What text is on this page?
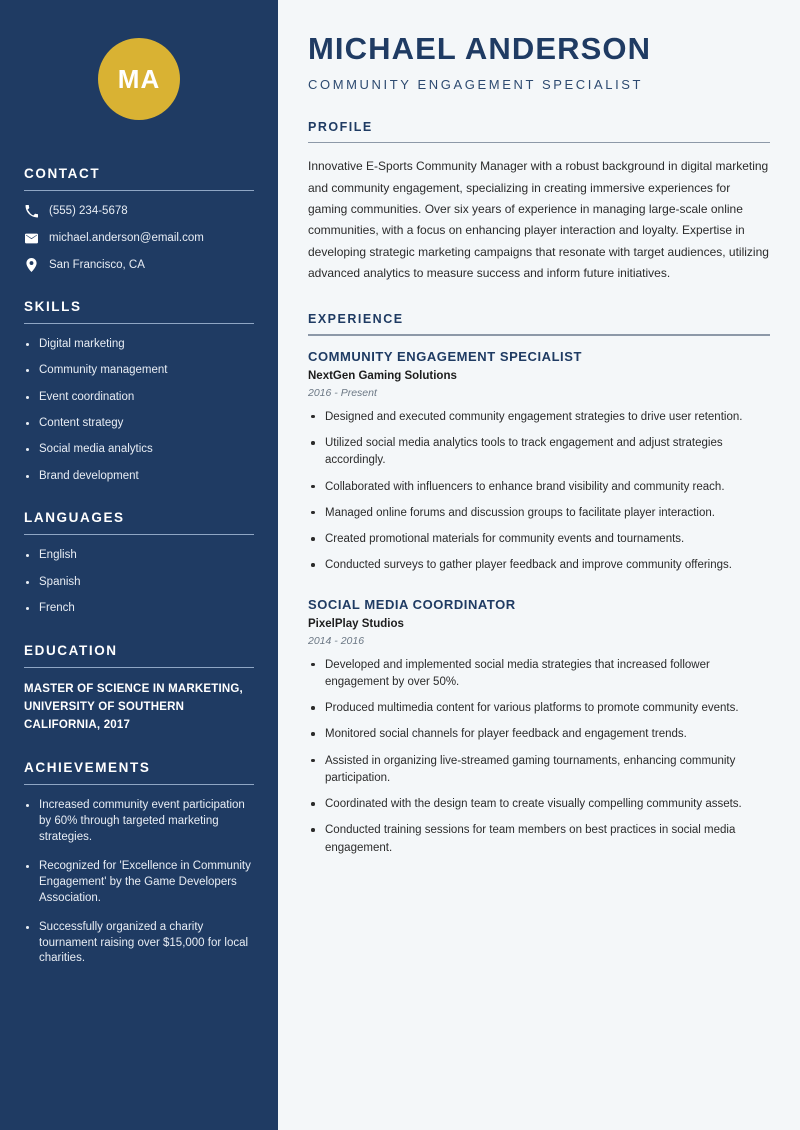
MA
CONTACT
(555) 234-5678
michael.anderson@email.com
San Francisco, CA
SKILLS
Digital marketing
Community management
Event coordination
Content strategy
Social media analytics
Brand development
LANGUAGES
English
Spanish
French
EDUCATION
MASTER OF SCIENCE IN MARKETING, UNIVERSITY OF SOUTHERN CALIFORNIA, 2017
ACHIEVEMENTS
Increased community event participation by 60% through targeted marketing strategies.
Recognized for 'Excellence in Community Engagement' by the Game Developers Association.
Successfully organized a charity tournament raising over $15,000 for local charities.
MICHAEL ANDERSON
COMMUNITY ENGAGEMENT SPECIALIST
PROFILE

Innovative E-Sports Community Manager with a robust background in digital marketing and community engagement, specializing in creating immersive experiences for gaming communities. Over six years of experience in managing large-scale online communities, with a focus on enhancing player interaction and loyalty. Expertise in developing strategic marketing campaigns that resonate with target audiences, utilizing advanced analytics to measure success and inform future initiatives.

EXPERIENCE
COMMUNITY ENGAGEMENT SPECIALIST
NextGen Gaming Solutions
2016 - Present
Designed and executed community engagement strategies to drive user retention.
Utilized social media analytics tools to track engagement and adjust strategies accordingly.
Collaborated with influencers to enhance brand visibility and community reach.
Managed online forums and discussion groups to facilitate player interaction.
Created promotional materials for community events and tournaments.
Conducted surveys to gather player feedback and improve community offerings.
SOCIAL MEDIA COORDINATOR
PixelPlay Studios
2014 - 2016
Developed and implemented social media strategies that increased follower engagement by over 50%.
Produced multimedia content for various platforms to promote community events.
Monitored social channels for player feedback and engagement trends.
Assisted in organizing live-streamed gaming tournaments, enhancing community participation.
Coordinated with the design team to create visually compelling community assets.
Conducted training sessions for team members on best practices in social media engagement.
